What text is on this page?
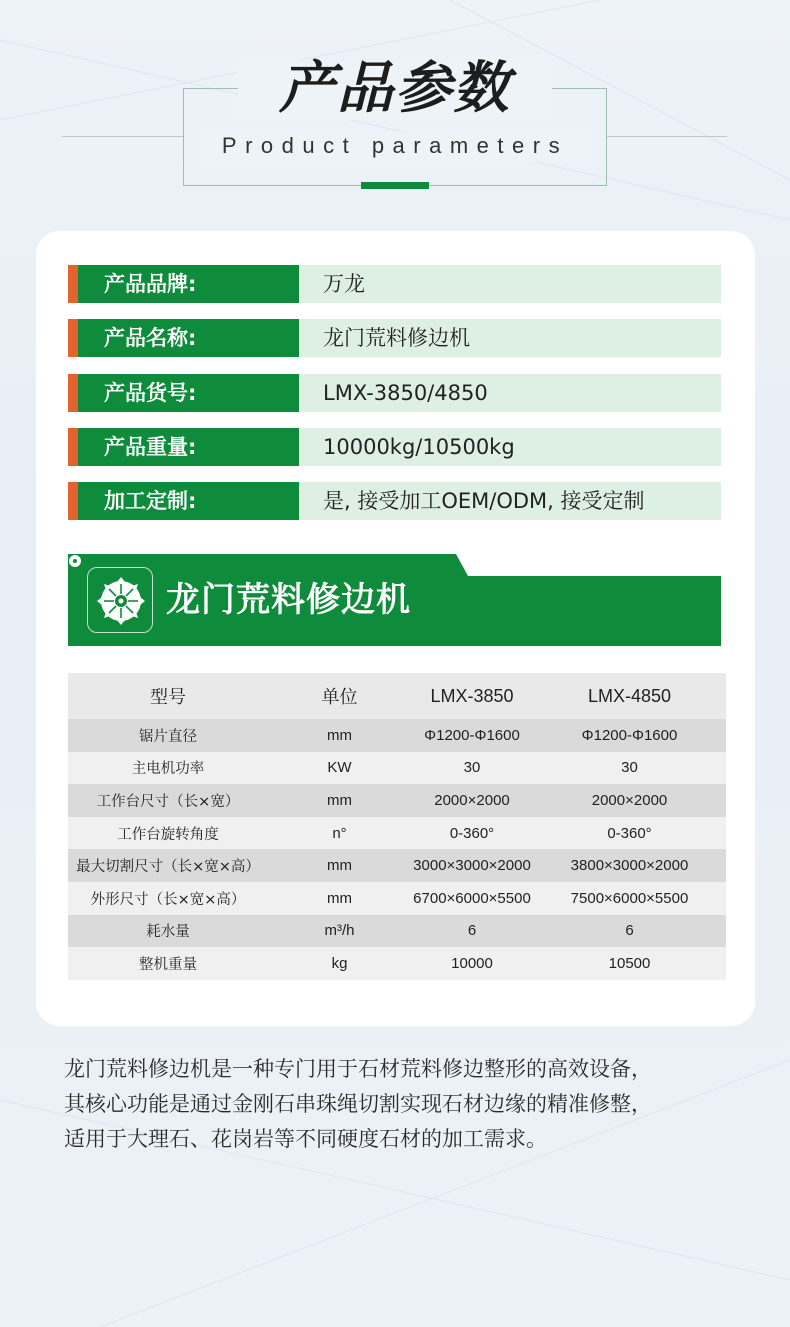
产品参数
Product parameters
产品品牌:	万龙
产品名称:	龙门荒料修边机
产品货号:	LMX-3850/4850
产品重量:	10000kg/10500kg
加工定制:	是, 接受加工OEM/ODM, 接受定制
龙门荒料修边机
型号	单位	LMX-3850	LMX-4850
锯片直径	mm	Φ1200-Φ1600	Φ1200-Φ1600
主电机功率	KW	30	30
工作台尺寸（长×宽）	mm	2000×2000	2000×2000
工作台旋转角度	n°	0-360°	0-360°
最大切割尺寸（长×宽×高）	mm	3000×3000×2000	3800×3000×2000
外形尺寸（长×宽×高）	mm	6700×6000×5500	7500×6000×5500
耗水量	m³/h	6	6
整机重量	kg	10000	10500
龙门荒料修边机是一种专门用于石材荒料修边整形的高效设备，
其核心功能是通过金刚石串珠绳切割实现石材边缘的精准修整，
适用于大理石、花岗岩等不同硬度石材的加工需求。
